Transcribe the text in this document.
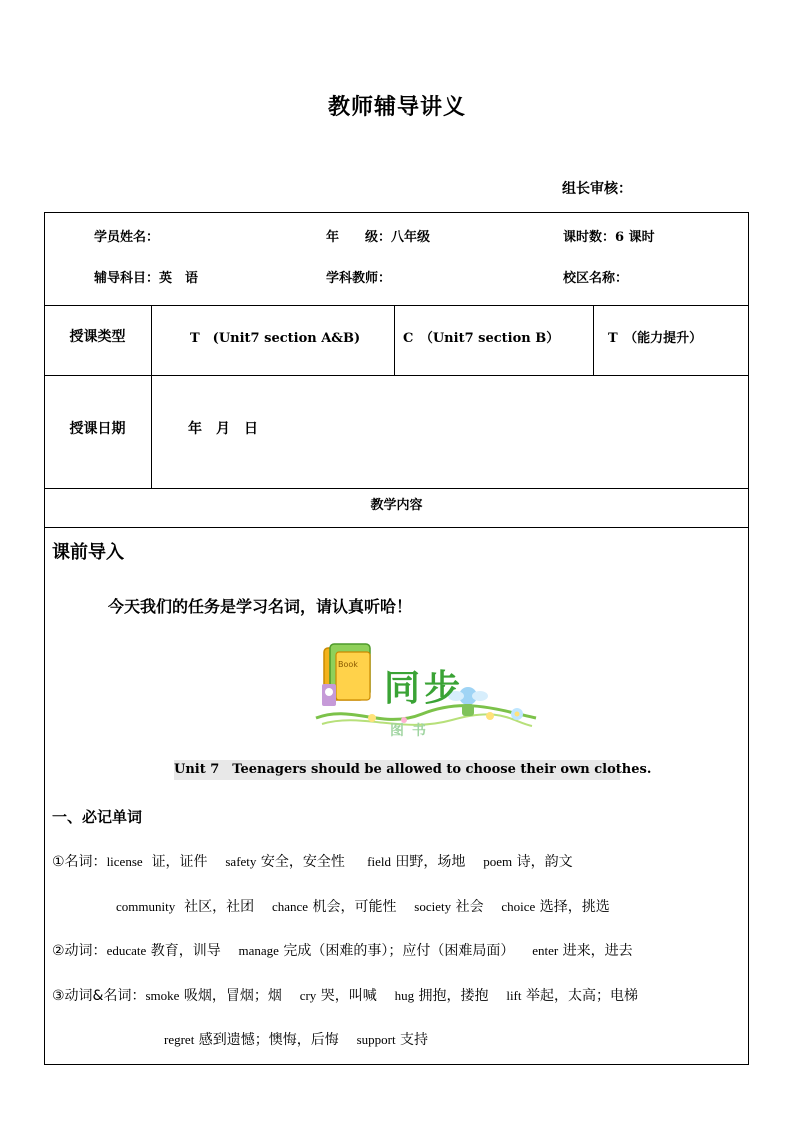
教师辅导讲义
组长审核：
学员姓名：	年　　级：八年级	课时数：6 课时
辅导科目：英　语	学科教师：	校区名称：
授课类型	T　(Unit7 section A&B)	C　（Unit7 section B）	T　（能力提升）
授课日期	年　月　日
教学内容
课前导入
今天我们的任务是学习名词，请认真听哈！
同步
Book
图书
Unit 7　Teenagers should be allowed to choose their own clothes.
一、必记单词
①名词：license 证，证件 safety 安全，安全性 field 田野，场地 poem 诗，韵文
community 社区，社团 chance 机会，可能性 society 社会 choice 选择，挑选
②动词：educate 教育，训导 manage 完成（困难的事）；应付（困难局面） enter 进来，进去
③动词&名词：smoke 吸烟，冒烟；烟 cry 哭，叫喊 hug 拥抱，搂抱 lift 举起，太高；电梯
regret 感到遗憾；懊悔，后悔 support 支持
